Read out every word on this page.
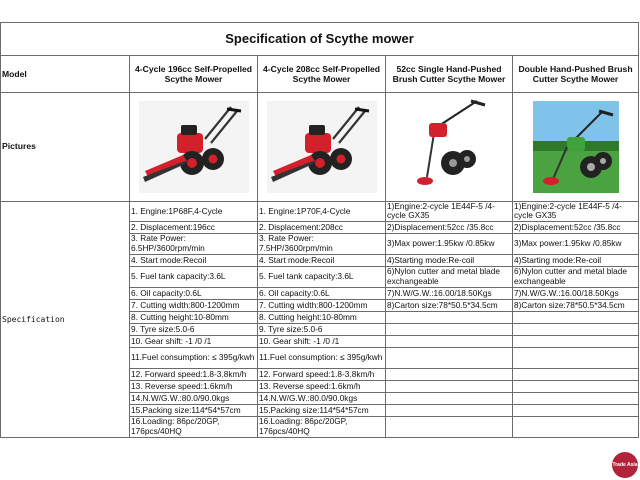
Specification of Scythe mower				
Model	4-Cycle 196cc Self-Propelled Scythe Mower	4-Cycle 208cc Self-Propelled Scythe Mower	52cc Single Hand-Pushed Brush Cutter Scythe Mower	Double Hand-Pushed Brush Cutter Scythe Mower
Pictures	

Specification	1. Engine:1P68F,4-Cycle	1. Engine:1P70F,4-Cycle	1)Engine:2-cycle 1E44F-5 /4-cycle GX35	1)Engine:2-cycle 1E44F-5 /4-cycle GX35

	2. Displacement:196cc	2. Displacement:208cc	2)Displacement:52cc /35.8cc	2)Displacement:52cc /35.8cc
	3. Rate Power: 6.5HP/3600rpm/min	3. Rate Power: 7.5HP/3600rpm/min	3)Max power:1.95kw /0.85kw	3)Max power:1.95kw /0.85kw
	4. Start mode:Recoil	4. Start mode:Recoil	4)Starting mode:Re-coil	4)Starting mode:Re-coil
	5. Fuel tank capacity:3.6L	5. Fuel tank capacity:3.6L	6)Nylon cutter and metal blade exchangeable	6)Nylon cutter and metal blade exchangeable
	6. Oil capacity:0.6L	6. Oil capacity:0.6L	7)N.W/G.W.:16.00/18.50Kgs	7)N.W/G.W.:16.00/18.50Kgs
	7. Cutting width:800-1200mm	7. Cutting width:800-1200mm	8)Carton size:78*50.5*34.5cm	8)Carton size:78*50.5*34.5cm
	8. Cutting height:10-80mm	8. Cutting height:10-80mm		
	9. Tyre size:5.0-6	9. Tyre size:5.0-6		
	10. Gear shift: -1 /0 /1	10. Gear shift: -1 /0 /1		
	11.Fuel consumption: ≤ 395g/kwh	11.Fuel consumption: ≤ 395g/kwh		
	12. Forward speed:1.8-3.8km/h	12. Forward speed:1.8-3.8km/h		
	13. Reverse speed:1.6km/h	13. Reverse speed:1.6km/h		
	14.N.W/G.W.:80.0/90.0kgs	14.N.W/G.W.:80.0/90.0kgs		
	15.Packing size:114*54*57cm	15.Packing size:114*54*57cm		
	16.Loading: 86pc/20GP, 176pcs/40HQ	16.Loading: 86pc/20GP, 176pcs/40HQ		

Trade Asia
